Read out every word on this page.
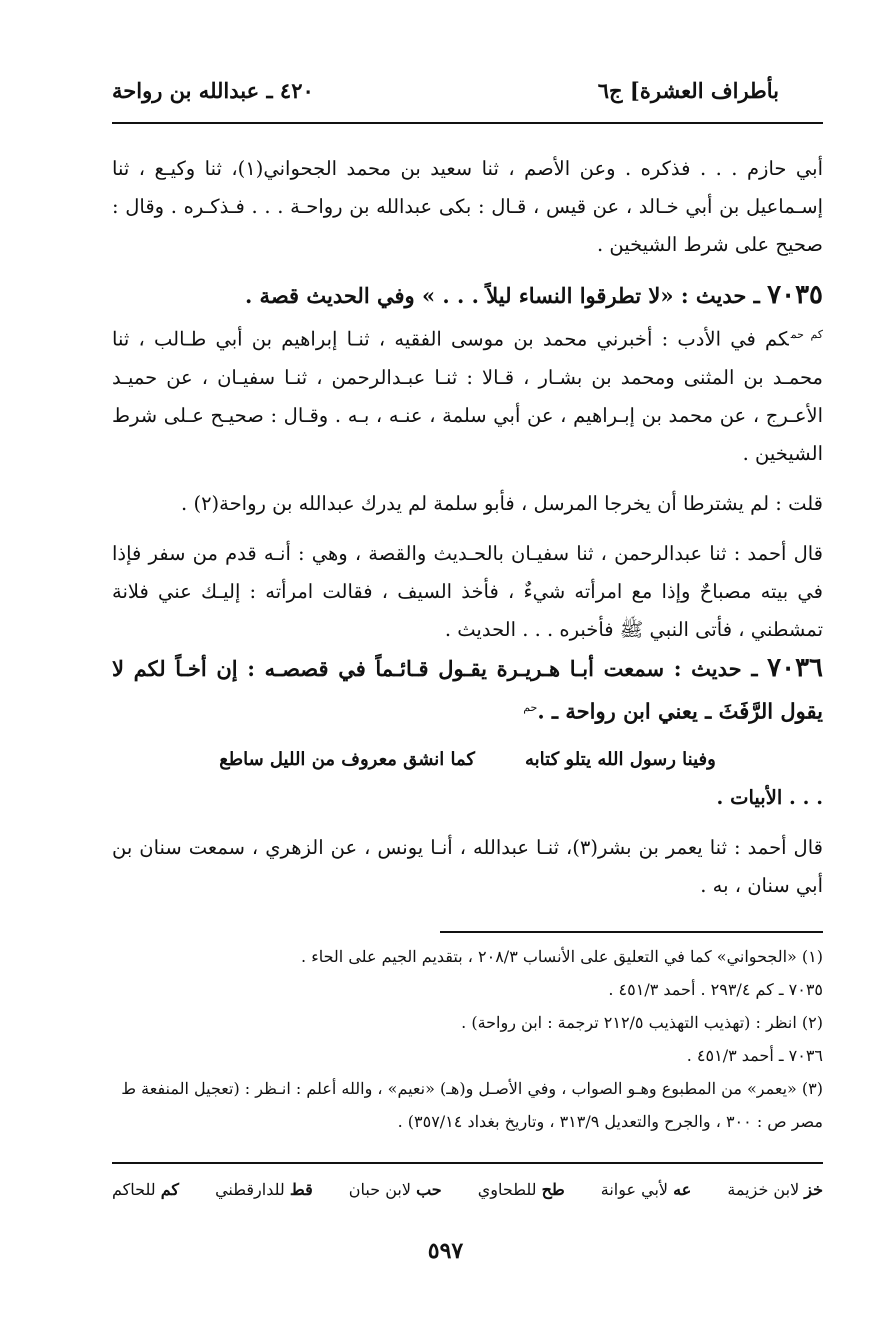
بأطراف العشرة] ج٦
٤٢٠ ـ عبدالله بن رواحة

أبي حازم . . . فذكره . وعن الأصم ، ثنا سعيد بن محمد الجحواني(١)، ثنا وكيـع ، ثنا إسـماعيل بن أبي خـالد ، عن قيس ، قـال : بكى عبدالله بن رواحـة . . . فـذكـره . وقال : صحيح على شرط الشيخين .

٧٠٣٥ ـ حديث : «لا تطرقوا النساء ليلاً . . . » وفي الحديث قصة .

$^{كم حم}$كم في الأدب : أخبرني محمد بن موسى الفقيه ، ثنـا إبراهيم بن أبي طـالب ، ثنا محمـد بن المثنى ومحمد بن بشـار ، قـالا : ثنـا عبـدالرحمن ، ثنـا سفيـان ، عن حميـد الأعـرج ، عن محمد بن إبـراهيم ، عن أبي سلمة ، عنـه ، بـه . وقـال : صحيـح عـلى شرط الشيخين .

قلت : لم يشترطا أن يخرجا المرسل ، فأبو سلمة لم يدرك عبدالله بن رواحة(٢) .

قال أحمد : ثنا عبدالرحمن ، ثنا سفيـان بالحـديث والقصة ، وهي : أنـه قدم من سفر فإذا في بيته مصباحٌ وإذا مع امرأته شيءٌ ، فأخذ السيف ، فقالت امرأته : إليـك عني فلانة تمشطني ، فأتى النبي ﷺ فأخبره . . . الحديث .

٧٠٣٦ ـ حديث : سمعت أبـا هـريـرة يقـول قـائـماً في قصصـه : إن أخـاً لكم لا يقول الرَّفَثَ ـ يعني ابن رواحة ـ .$^{حم}$

وفينا رسول الله يتلو كتابه
كما انشق معروف من الليل ساطع

. . . الأبيات .

قال أحمد : ثنا يعمر بن بشر(٣)، ثنـا عبدالله ، أنـا يونس ، عن الزهري ، سمعت سنان بن أبي سنان ، به .

(١) «الجحواني» كما في التعليق على الأنساب ٢٠٨/٣ ، بتقديم الجيم على الحاء .

٧٠٣٥ ـ كم ٢٩٣/٤ . أحمد ٤٥١/٣ .

(٢) انظر : (تهذيب التهذيب ٢١٢/٥ ترجمة : ابن رواحة) .

٧٠٣٦ ـ أحمد ٤٥١/٣ .

(٣) «يعمر» من المطبوع وهـو الصواب ، وفي الأصـل و(هـ) «نعيم» ، والله أعلم : انـظر : (تعجيل المنفعة ط مصر ص : ٣٠٠ ، والجرح والتعديل ٣١٣/٩ ، وتاريخ بغداد ٣٥٧/١٤) .

خز لابن خزيمة
عه لأبي عوانة
طح للطحاوي
حب لابن حبان
قط للدارقطني
كم للحاكم
٥٩٧
